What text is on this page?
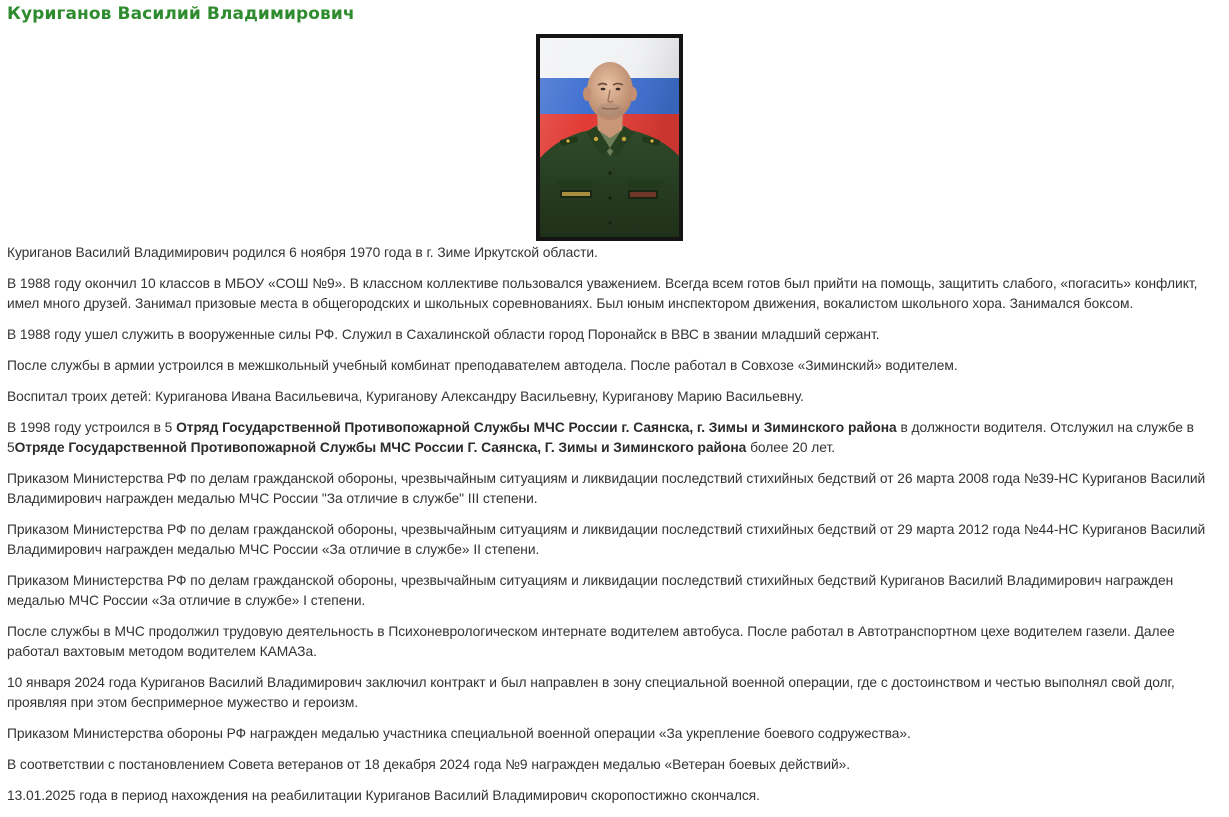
Куриганов Василий Владимирович

Куриганов Василий Владимирович родился 6 ноября 1970 года в г. Зиме Иркутской области.

В 1988 году окончил 10 классов в МБОУ «СОШ №9». В классном коллективе пользовался уважением. Всегда всем готов был прийти на помощь, защитить слабого, «погасить» конфликт, имел много друзей. Занимал призовые места в общегородских и школьных соревнованиях. Был юным инспектором движения, вокалистом школьного хора. Занимался боксом.

В 1988 году ушел служить в вооруженные силы РФ. Служил в Сахалинской области город Поронайск в ВВС в звании младший сержант.

После службы в армии устроился в межшкольный учебный комбинат преподавателем автодела. После работал в Совхозе «Зиминский» водителем.

Воспитал троих детей: Куриганова Ивана Васильевича, Куриганову Александру Васильевну, Куриганову Марию Васильевну.

В 1998 году устроился в 5 Отряд Государственной Противопожарной Службы МЧС России г. Саянска, г. Зимы и Зиминского района в должности водителя. Отслужил на службе в 5Отряде Государственной Противопожарной Службы МЧС России Г. Саянска, Г. Зимы и Зиминского района более 20 лет.

Приказом Министерства РФ по делам гражданской обороны, чрезвычайным ситуациям и ликвидации последствий стихийных бедствий от 26 марта 2008 года №39-НС Куриганов Василий Владимирович награжден медалью МЧС России "За отличие в службе" III степени.

Приказом Министерства РФ по делам гражданской обороны, чрезвычайным ситуациям и ликвидации последствий стихийных бедствий от 29 марта 2012 года №44-НС Куриганов Василий Владимирович награжден медалью МЧС России «За отличие в службе» II степени.

Приказом Министерства РФ по делам гражданской обороны, чрезвычайным ситуациям и ликвидации последствий стихийных бедствий Куриганов Василий Владимирович награжден медалью МЧС России «За отличие в службе» I степени.

После службы в МЧС продолжил трудовую деятельность в Психоневрологическом интернате водителем автобуса. После работал в Автотранспортном цехе водителем газели. Далее работал вахтовым методом водителем КАМАЗа.

10 января 2024 года Куриганов Василий Владимирович заключил контракт и был направлен в зону специальной военной операции, где с достоинством и честью выполнял свой долг, проявляя при этом беспримерное мужество и героизм.

Приказом Министерства обороны РФ награжден медалью участника специальной военной операции «За укрепление боевого содружества».

В соответствии с постановлением Совета ветеранов от 18 декабря 2024 года №9 награжден медалью «Ветеран боевых действий».

13.01.2025 года в период нахождения на реабилитации Куриганов Василий Владимирович скоропостижно скончался.
